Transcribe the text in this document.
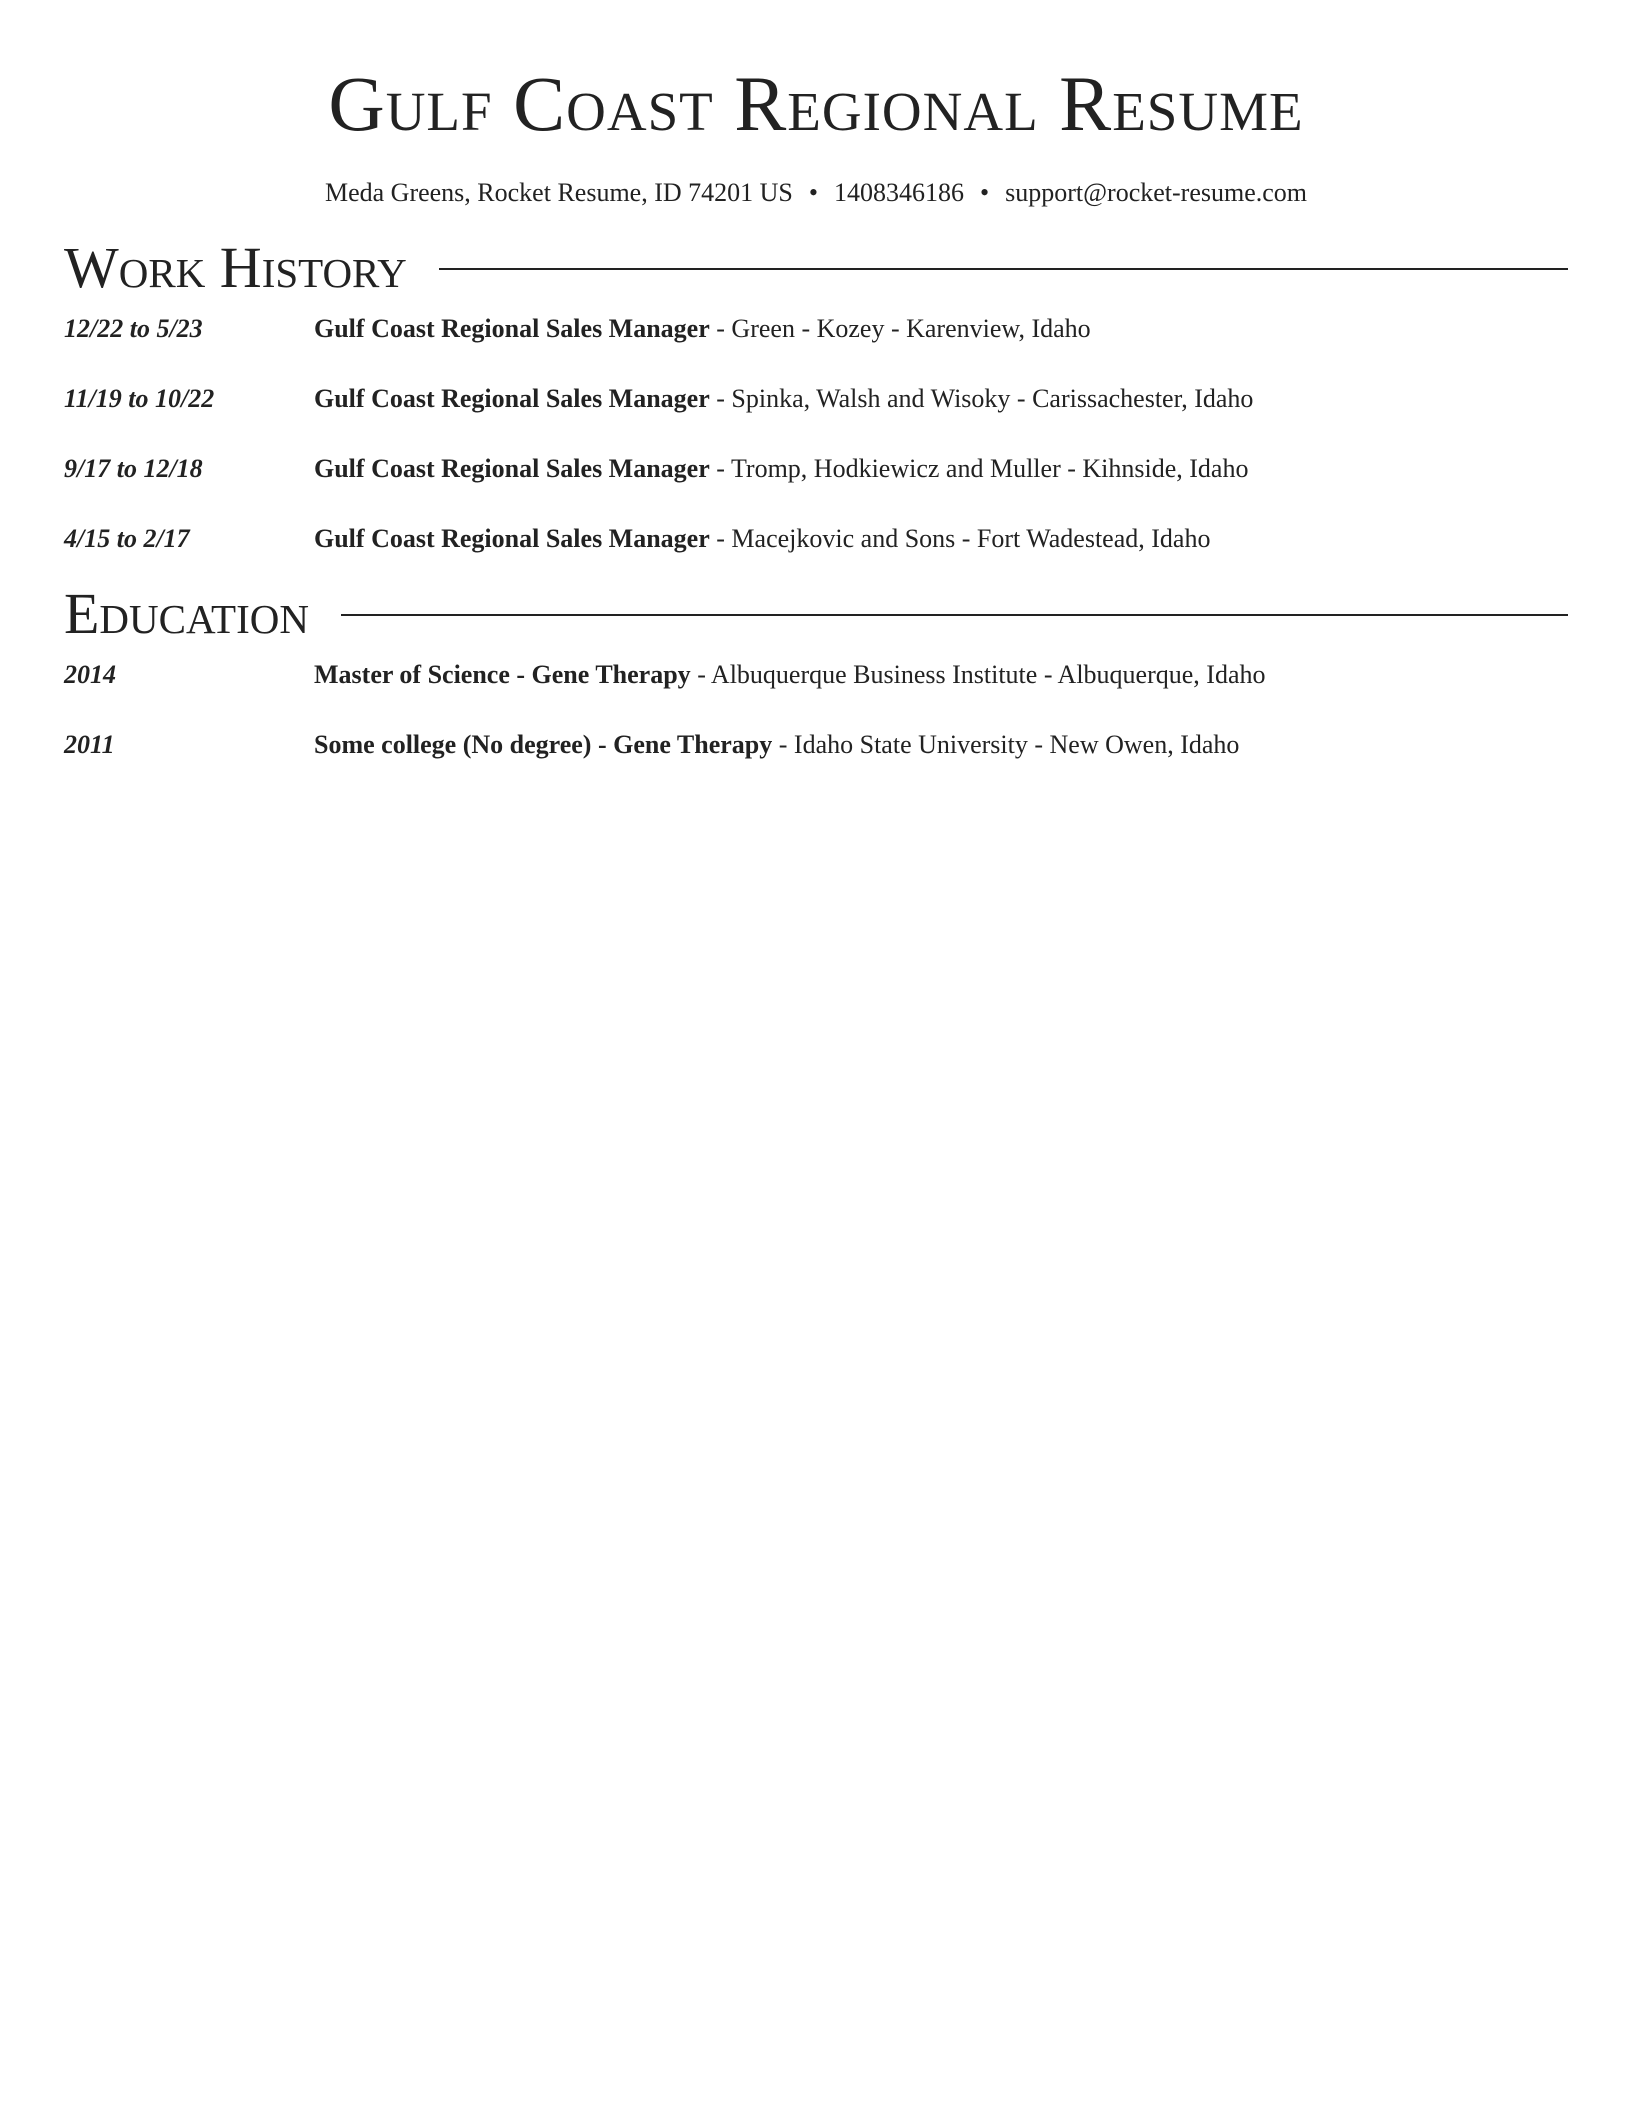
Gulf Coast Regional Resume
Meda Greens, Rocket Resume, ID 74201 US • 1408346186 • support@rocket-resume.com
Work History
12/22 to 5/23	Gulf Coast Regional Sales Manager - Green - Kozey - Karenview, Idaho
11/19 to 10/22	Gulf Coast Regional Sales Manager - Spinka, Walsh and Wisoky - Carissachester, Idaho
9/17 to 12/18	Gulf Coast Regional Sales Manager - Tromp, Hodkiewicz and Muller - Kihnside, Idaho
4/15 to 2/17	Gulf Coast Regional Sales Manager - Macejkovic and Sons - Fort Wadestead, Idaho
Education
2014	Master of Science - Gene Therapy - Albuquerque Business Institute - Albuquerque, Idaho
2011	Some college (No degree) - Gene Therapy - Idaho State University - New Owen, Idaho
